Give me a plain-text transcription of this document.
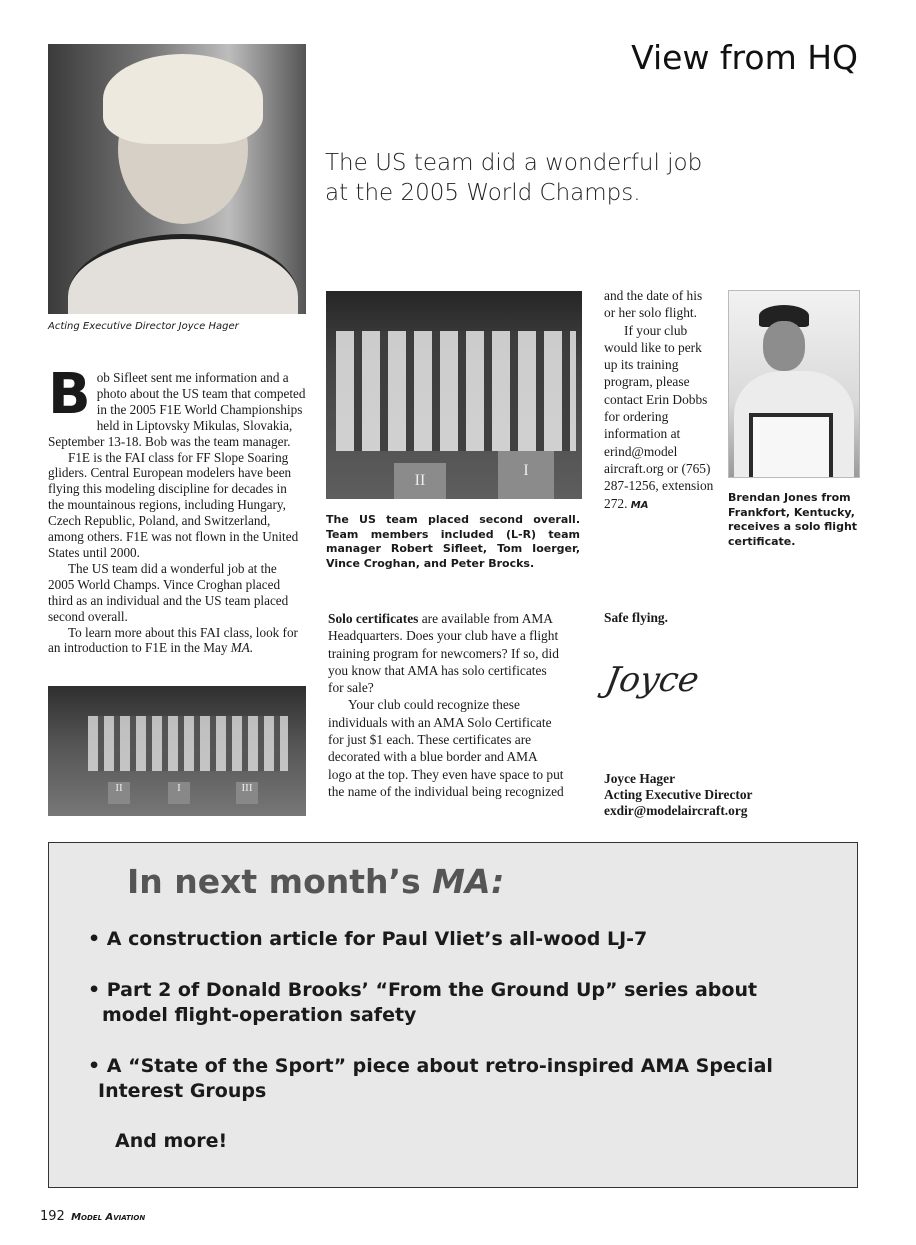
View from HQ
Acting Executive Director Joyce Hager
The US team did a wonderful job at the 2005 World Champs.
B ob Sifleet sent me information and a photo about the US team that competed in the 2005 F1E World Championships held in Liptovsky Mikulas, Slovakia, September 13-18. Bob was the team manager.

F1E is the FAI class for FF Slope Soaring gliders. Central European modelers have been flying this modeling discipline for decades in the mountainous regions, including Hungary, Czech Republic, Poland, and Switzerland, among others. F1E was not flown in the United States until 2000.

The US team did a wonderful job at the 2005 World Champs. Vince Croghan placed third as an individual and the US team placed second overall.

To learn more about this FAI class, look for an introduction to F1E in the May MA.

II	I	III
II
I
The US team placed second overall. Team members included (L-R) team manager Robert Sifleet, Tom Ioerger, Vince Croghan, and Peter Brocks.

Solo certificates are available from AMA Headquarters. Does your club have a flight training program for newcomers? If so, did you know that AMA has solo certificates for sale?

Your club could recognize these individuals with an AMA Solo Certificate for just $1 each. These certificates are decorated with a blue border and AMA logo at the top. They even have space to put the name of the individual being recognized

and the date of his or her solo flight.

If your club would like to perk up its training program, please contact Erin Dobbs for ordering information at erind@model aircraft.org or (765) 287-1256, extension 272. MA

Brendan Jones from Frankfort, Kentucky, receives a solo flight certificate.
Safe flying.
Joyce
Joyce Hager
Acting Executive Director
exdir@modelaircraft.org
In next month’s MA:
• A construction article for Paul Vliet’s all-wood LJ-7
• Part 2 of Donald Brooks’ “From the Ground Up” series about model flight-operation safety
• A “State of the Sport” piece about retro-inspired AMA Special Interest Groups
And more!
192 Model Aviation
